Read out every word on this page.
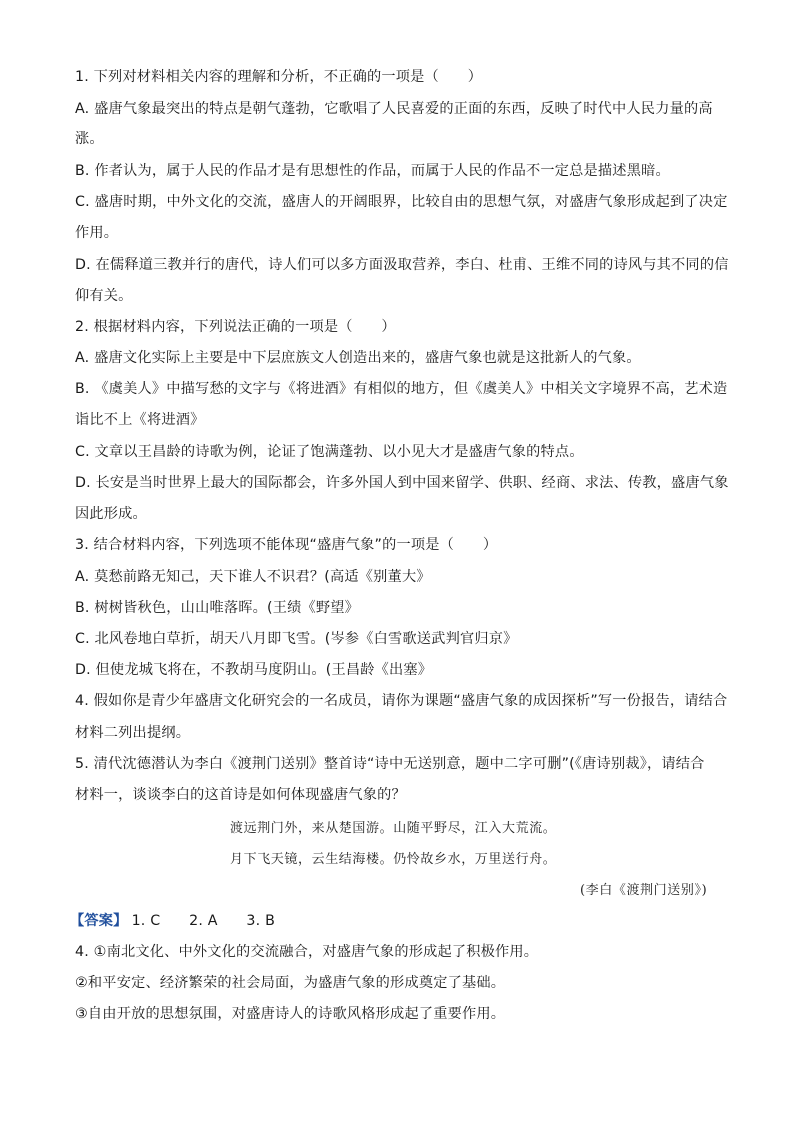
1. 下列对材料相关内容的理解和分析，不正确的一项是（　　）
A. 盛唐气象最突出的特点是朝气蓬勃，它歌唱了人民喜爱的正面的东西，反映了时代中人民力量的高
涨。
B. 作者认为，属于人民的作品才是有思想性的作品，而属于人民的作品不一定总是描述黑暗。
C. 盛唐时期，中外文化的交流，盛唐人的开阔眼界，比较自由的思想气氛，对盛唐气象形成起到了决定
作用。
D. 在儒释道三教并行的唐代，诗人们可以多方面汲取营养，李白、杜甫、王维不同的诗风与其不同的信
仰有关。
2. 根据材料内容，下列说法正确的一项是（　　）
A. 盛唐文化实际上主要是中下层庶族文人创造出来的，盛唐气象也就是这批新人的气象。
B. 《虞美人》中描写愁的文字与《将进酒》有相似的地方，但《虞美人》中相关文字境界不高，艺术造
诣比不上《将进酒》
C. 文章以王昌龄的诗歌为例，论证了饱满蓬勃、以小见大才是盛唐气象的特点。
D. 长安是当时世界上最大的国际都会，许多外国人到中国来留学、供职、经商、求法、传教，盛唐气象
因此形成。
3. 结合材料内容，下列选项不能体现“盛唐气象”的一项是（　　）
A. 莫愁前路无知己，天下谁人不识君？(高适《别董大》
B. 树树皆秋色，山山唯落晖。(王绩《野望》
C. 北风卷地白草折，胡天八月即飞雪。(岑参《白雪歌送武判官归京》
D. 但使龙城飞将在，不教胡马度阴山。(王昌龄《出塞》
4. 假如你是青少年盛唐文化研究会的一名成员，请你为课题“盛唐气象的成因探析”写一份报告，请结合
材料二列出提纲。
5. 清代沈德潜认为李白《渡荆门送别》整首诗“诗中无送别意，题中二字可删”(《唐诗别裁》，请结合
材料一，谈谈李白的这首诗是如何体现盛唐气象的？
渡远荆门外，来从楚国游。山随平野尽，江入大荒流。
月下飞天镜，云生结海楼。仍怜故乡水，万里送行舟。
(李白《渡荆门送别》)
【答案】 1. C　　2. A　　3. B
4. ①南北文化、中外文化的交流融合，对盛唐气象的形成起了积极作用。
②和平安定、经济繁荣的社会局面，为盛唐气象的形成奠定了基础。
③自由开放的思想氛围，对盛唐诗人的诗歌风格形成起了重要作用。
